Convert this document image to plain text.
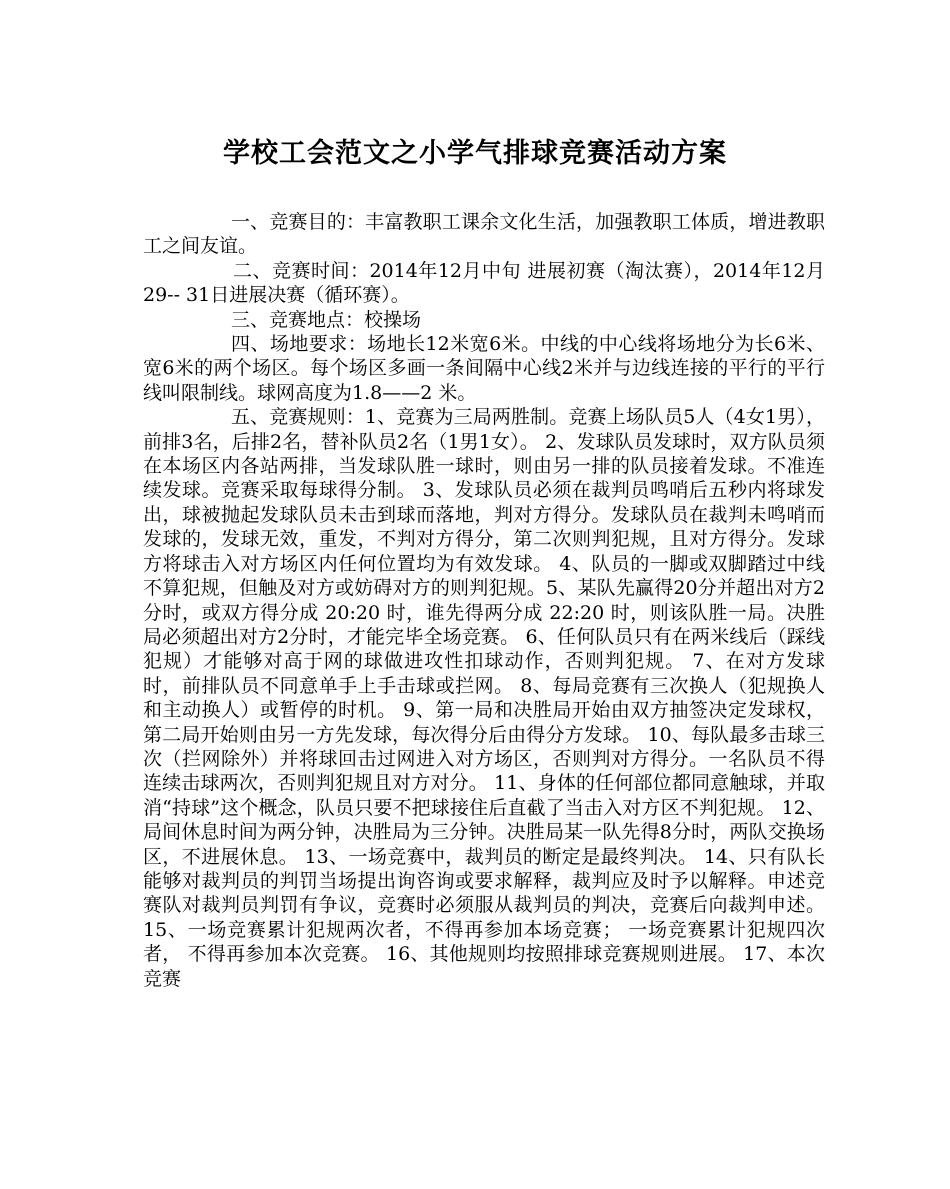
学校工会范文之小学气排球竞赛活动方案

一、竞赛目的：丰富教职工课余文化生活，加强教职工体质，增进教职工之间友谊。

二、竞赛时间：2014年12月中旬 进展初赛（淘汰赛），2014年12月29-- 31日进展决赛（循环赛）。

三、竞赛地点：校操场

四、场地要求：场地长12米宽6米。中线的中心线将场地分为长6米、宽6米的两个场区。每个场区多画一条间隔中心线2米并与边线连接的平行的平行线叫限制线。球网高度为1.8——2 米。

五、竞赛规则：1、竞赛为三局两胜制。竞赛上场队员5人（4女1男），前排3名，后排2名，替补队员2名（1男1女）。 2、发球队员发球时，双方队员须在本场区内各站两排，当发球队胜一球时，则由另一排的队员接着发球。不准连续发球。竞赛采取每球得分制。 3、发球队员必须在裁判员鸣哨后五秒内将球发出，球被抛起发球队员未击到球而落地，判对方得分。发球队员在裁判未鸣哨而发球的，发球无效，重发，不判对方得分，第二次则判犯规，且对方得分。发球方将球击入对方场区内任何位置均为有效发球。 4、队员的一脚或双脚踏过中线不算犯规，但触及对方或妨碍对方的则判犯规。5、某队先赢得20分并超出对方2分时，或双方得分成 20:20 时，谁先得两分成 22:20 时，则该队胜一局。决胜局必须超出对方2分时，才能完毕全场竞赛。 6、任何队员只有在两米线后（踩线犯规）才能够对高于网的球做进攻性扣球动作，否则判犯规。 7、在对方发球时，前排队员不同意单手上手击球或拦网。 8、每局竞赛有三次换人（犯规换人和主动换人）或暂停的时机。 9、第一局和决胜局开始由双方抽签决定发球权，第二局开始则由另一方先发球，每次得分后由得分方发球。 10、每队最多击球三次（拦网除外）并将球回击过网进入对方场区，否则判对方得分。一名队员不得连续击球两次，否则判犯规且对方对分。 11、身体的任何部位都同意触球，并取消“持球”这个概念，队员只要不把球接住后直截了当击入对方区不判犯规。 12、局间休息时间为两分钟，决胜局为三分钟。决胜局某一队先得8分时，两队交换场区，不进展休息。 13、一场竞赛中，裁判员的断定是最终判决。 14、只有队长能够对裁判员的判罚当场提出询咨询或要求解释，裁判应及时予以解释。申述竞赛队对裁判员判罚有争议，竞赛时必须服从裁判员的判决，竞赛后向裁判申述。 15、一场竞赛累计犯规两次者，不得再参加本场竞赛； 一场竞赛累计犯规四次者， 不得再参加本次竞赛。 16、其他规则均按照排球竞赛规则进展。 17、本次竞赛
